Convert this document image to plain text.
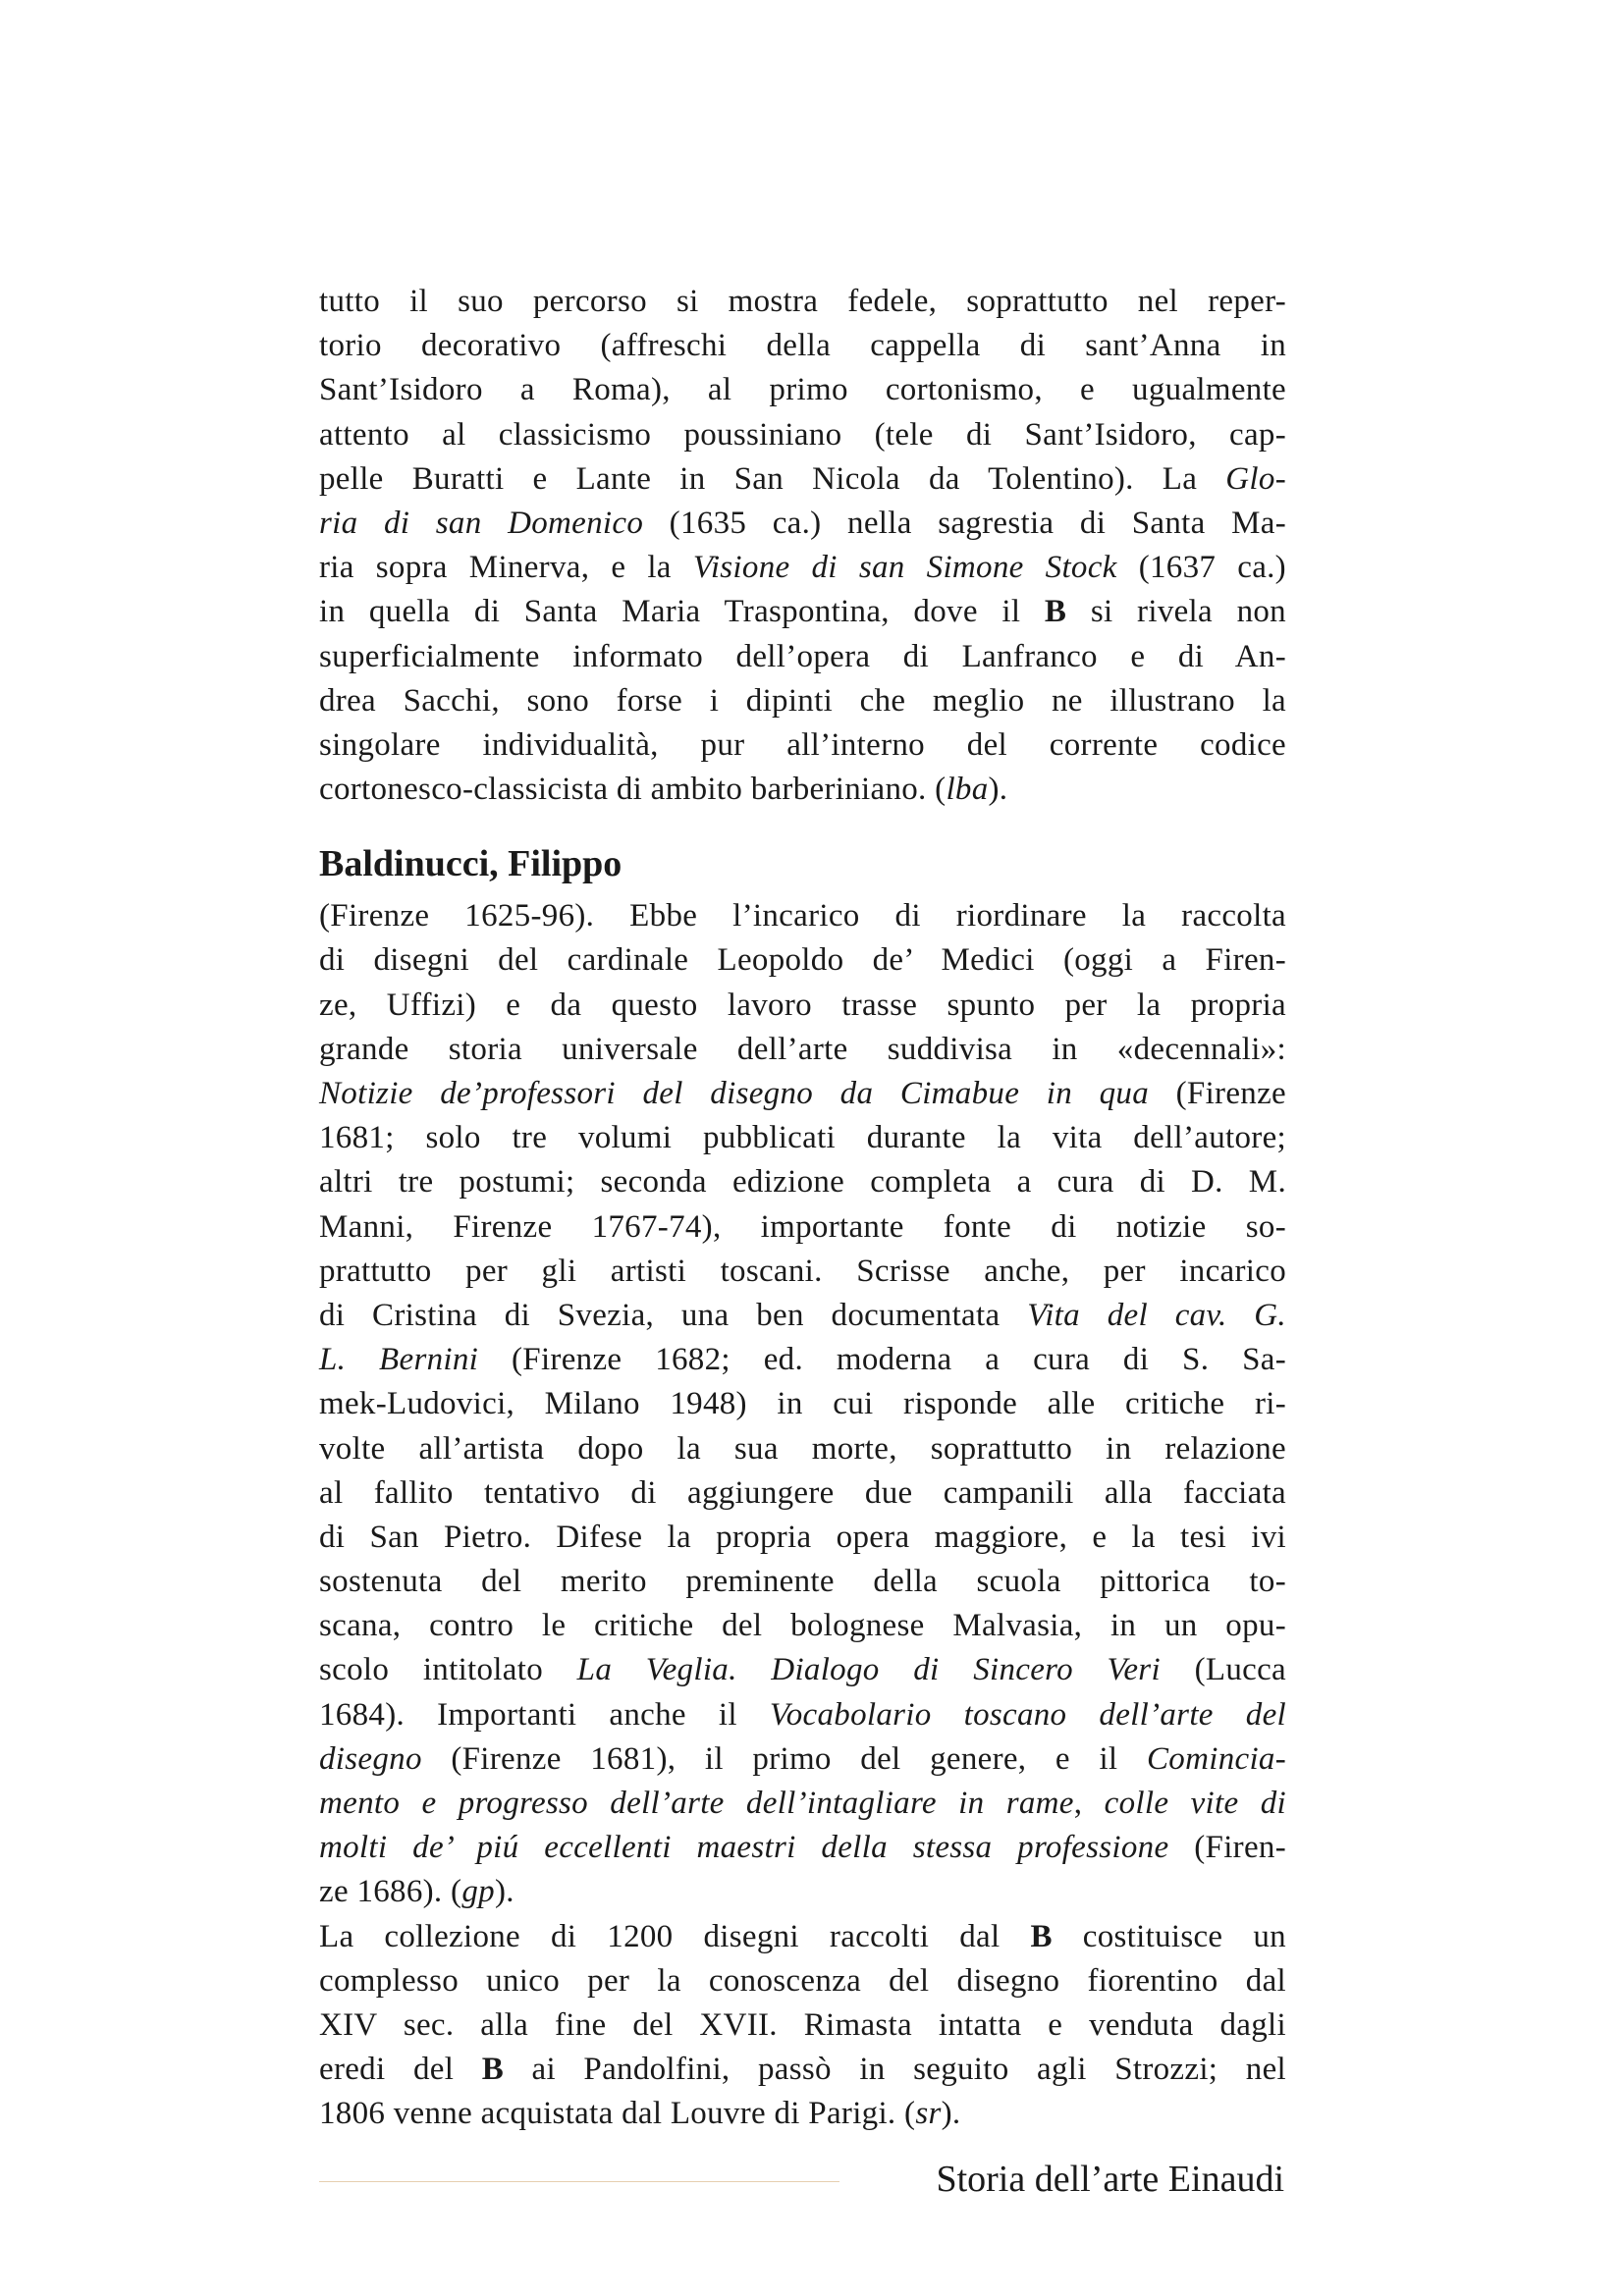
tutto il suo percorso si mostra fedele, soprattutto nel reper-
torio decorativo (affreschi della cappella di sant’Anna in
Sant’Isidoro a Roma), al primo cortonismo, e ugualmente
attento al classicismo poussiniano (tele di Sant’Isidoro, cap-
pelle Buratti e Lante in San Nicola da Tolentino). La Glo-
ria di san Domenico (1635 ca.) nella sagrestia di Santa Ma-
ria sopra Minerva, e la Visione di san Simone Stock (1637 ca.)
in quella di Santa Maria Traspontina, dove il B si rivela non
superficialmente informato dell’opera di Lanfranco e di An-
drea Sacchi, sono forse i dipinti che meglio ne illustrano la
singolare individualità, pur all’interno del corrente codice
cortonesco-classicista di ambito barberiniano. (lba).
Baldinucci, Filippo
(Firenze 1625-96). Ebbe l’incarico di riordinare la raccolta
di disegni del cardinale Leopoldo de’ Medici (oggi a Firen-
ze, Uffizi) e da questo lavoro trasse spunto per la propria
grande storia universale dell’arte suddivisa in «decennali»:
Notizie de’professori del disegno da Cimabue in qua (Firenze
1681; solo tre volumi pubblicati durante la vita dell’autore;
altri tre postumi; seconda edizione completa a cura di D. M.
Manni, Firenze 1767-74), importante fonte di notizie so-
prattutto per gli artisti toscani. Scrisse anche, per incarico
di Cristina di Svezia, una ben documentata Vita del cav. G.
L. Bernini (Firenze 1682; ed. moderna a cura di S. Sa-
mek-Ludovici, Milano 1948) in cui risponde alle critiche ri-
volte all’artista dopo la sua morte, soprattutto in relazione
al fallito tentativo di aggiungere due campanili alla facciata
di San Pietro. Difese la propria opera maggiore, e la tesi ivi
sostenuta del merito preminente della scuola pittorica to-
scana, contro le critiche del bolognese Malvasia, in un opu-
scolo intitolato La Veglia. Dialogo di Sincero Veri (Lucca
1684). Importanti anche il Vocabolario toscano dell’arte del
disegno (Firenze 1681), il primo del genere, e il Comincia-
mento e progresso dell’arte dell’intagliare in rame, colle vite di
molti de’ piú eccellenti maestri della stessa professione (Firen-
ze 1686). (gp).
La collezione di 1200 disegni raccolti dal B costituisce un
complesso unico per la conoscenza del disegno fiorentino dal
XIV sec. alla fine del XVII. Rimasta intatta e venduta dagli
eredi del B ai Pandolfini, passò in seguito agli Strozzi; nel
1806 venne acquistata dal Louvre di Parigi. (sr).
Storia dell’arte Einaudi
